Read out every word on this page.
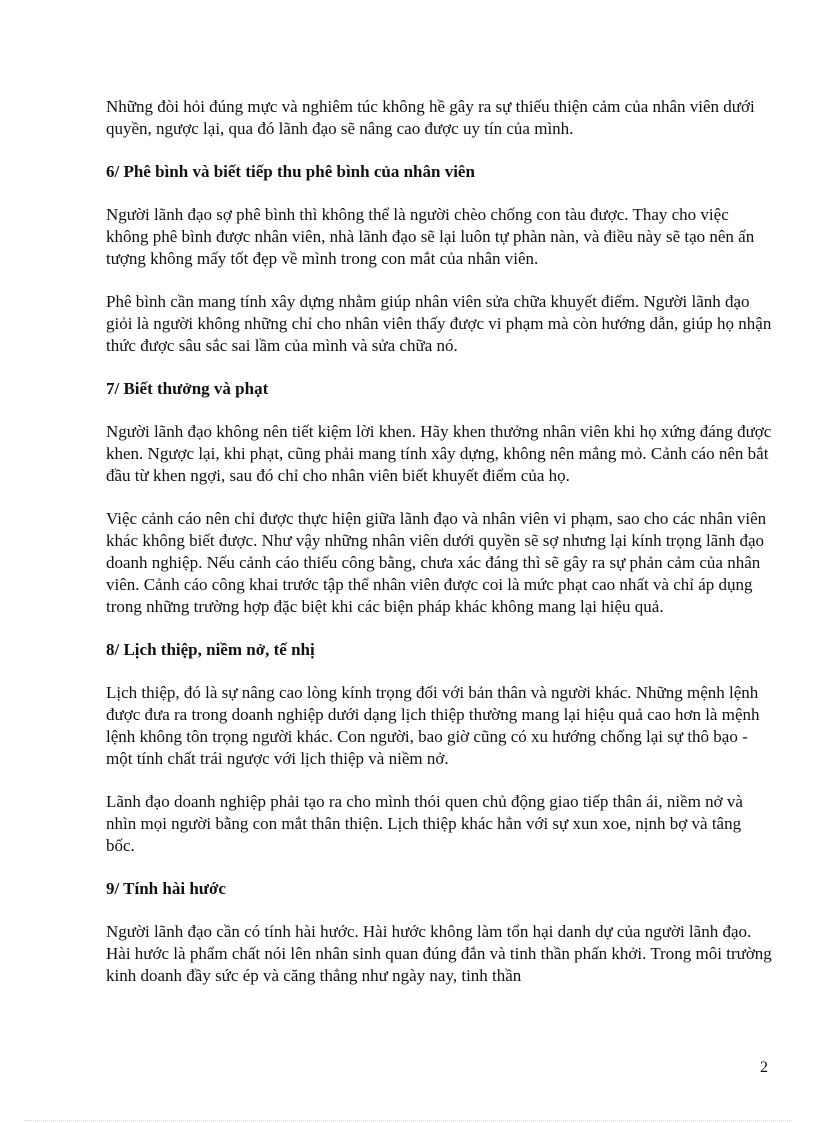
Những đòi hỏi đúng mực và nghiêm túc không hề gây ra sự thiếu thiện cảm của nhân viên dưới quyền, ngược lại, qua đó lãnh đạo sẽ nâng cao được uy tín của mình.

6/ Phê bình và biết tiếp thu phê bình của nhân viên

Người lãnh đạo sợ phê bình thì không thể là người chèo chống con tàu được. Thay cho việc không phê bình được nhân viên, nhà lãnh đạo sẽ lại luôn tự phàn nàn, và điều này sẽ tạo nên ấn tượng không mấy tốt đẹp về mình trong con mắt của nhân viên.

Phê bình cần mang tính xây dựng nhằm giúp nhân viên sửa chữa khuyết điểm. Người lãnh đạo giỏi là người không những chỉ cho nhân viên thấy được vi phạm mà còn hướng dẫn, giúp họ nhận thức được sâu sắc sai lầm của mình và sửa chữa nó.

7/ Biết thưởng và phạt

Người lãnh đạo không nên tiết kiệm lời khen. Hãy khen thưởng nhân viên khi họ xứng đáng được khen. Ngược lại, khi phạt, cũng phải mang tính xây dựng, không nên mắng mỏ. Cảnh cáo nên bắt đầu từ khen ngợi, sau đó chỉ cho nhân viên biết khuyết điểm của họ.

Việc cảnh cáo nên chỉ được thực hiện giữa lãnh đạo và nhân viên vi phạm, sao cho các nhân viên khác không biết được. Như vậy những nhân viên dưới quyền sẽ sợ nhưng lại kính trọng lãnh đạo doanh nghiệp. Nếu cảnh cáo thiếu công bằng, chưa xác đáng thì sẽ gây ra sự phản cảm của nhân viên. Cảnh cáo công khai trước tập thể nhân viên được coi là mức phạt cao nhất và chỉ áp dụng trong những trường hợp đặc biệt khi các biện pháp khác không mang lại hiệu quả.

8/ Lịch thiệp, niềm nở, tế nhị

Lịch thiệp, đó là sự nâng cao lòng kính trọng đối với bản thân và người khác. Những mệnh lệnh được đưa ra trong doanh nghiệp dưới dạng lịch thiệp thường mang lại hiệu quả cao hơn là mệnh lệnh không tôn trọng người khác. Con người, bao giờ cũng có xu hướng chống lại sự thô bạo - một tính chất trái ngược với lịch thiệp và niềm nở.

Lãnh đạo doanh nghiệp phải tạo ra cho mình thói quen chủ động giao tiếp thân ái, niềm nở và nhìn mọi người bằng con mắt thân thiện. Lịch thiệp khác hẳn với sự xun xoe, nịnh bợ và tâng bốc.

9/ Tính hài hước

Người lãnh đạo cần có tính hài hước. Hài hước không làm tổn hại danh dự của người lãnh đạo. Hài hước là phẩm chất nói lên nhân sinh quan đúng đắn và tinh thần phấn khởi. Trong môi trường kinh doanh đầy sức ép và căng thẳng như ngày nay, tinh thần

2
